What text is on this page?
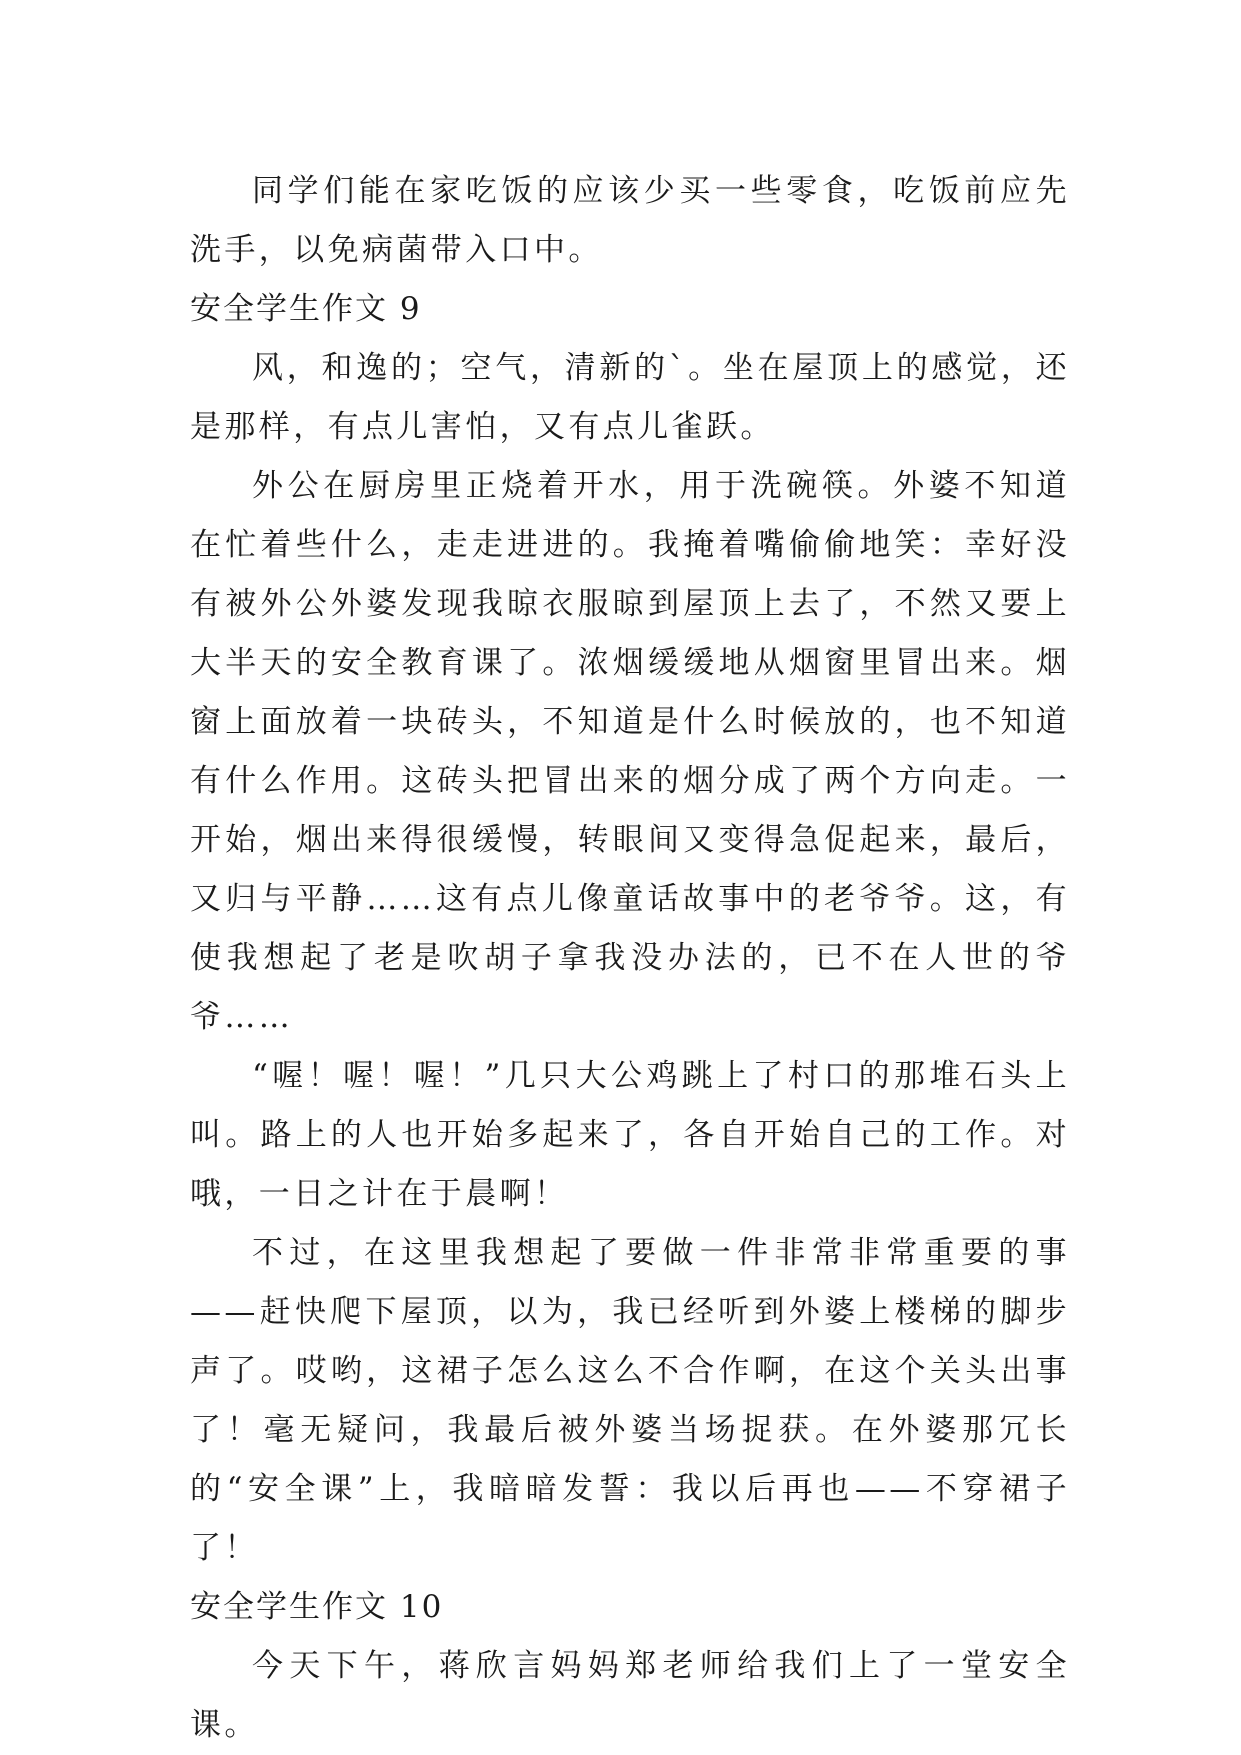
同学们能在家吃饭的应该少买一些零食，吃饭前应先洗手，以免病菌带入口中。

安全学生作文 9

风，和逸的；空气，清新的`。坐在屋顶上的感觉，还是那样，有点儿害怕，又有点儿雀跃。

外公在厨房里正烧着开水，用于洗碗筷。外婆不知道在忙着些什么，走走进进的。我掩着嘴偷偷地笑：幸好没有被外公外婆发现我晾衣服晾到屋顶上去了，不然又要上大半天的安全教育课了。浓烟缓缓地从烟窗里冒出来。烟窗上面放着一块砖头，不知道是什么时候放的，也不知道有什么作用。这砖头把冒出来的烟分成了两个方向走。一开始，烟出来得很缓慢，转眼间又变得急促起来，最后，又归与平静……这有点儿像童话故事中的老爷爷。这，有使我想起了老是吹胡子拿我没办法的，已不在人世的爷爷……

“喔！喔！喔！”几只大公鸡跳上了村口的那堆石头上叫。路上的人也开始多起来了，各自开始自己的工作。对哦，一日之计在于晨啊！

不过，在这里我想起了要做一件非常非常重要的事——赶快爬下屋顶，以为，我已经听到外婆上楼梯的脚步声了。哎哟，这裙子怎么这么不合作啊，在这个关头出事了！毫无疑问，我最后被外婆当场捉获。在外婆那冗长的“安全课”上，我暗暗发誓：我以后再也——不穿裙子了！

安全学生作文 10

今天下午，蒋欣言妈妈郑老师给我们上了一堂安全课。
